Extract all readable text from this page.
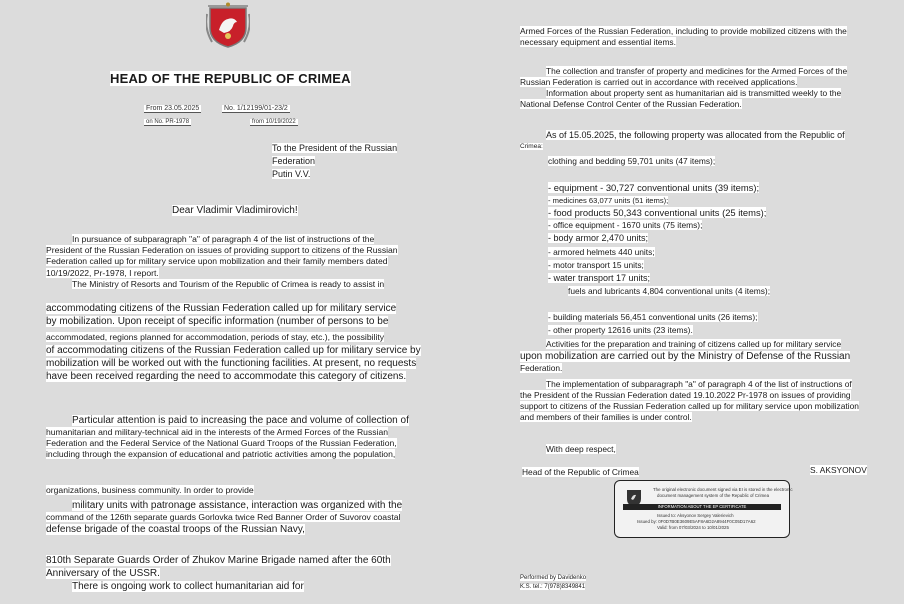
HEAD OF THE REPUBLIC OF CRIMEA
From 23.05.2025	No. 1/12199/01-23/2
on No. PR-1978	from 10/19/2022
To the President of the Russian
Federation
Putin V.V.
Dear Vladimir Vladimirovich!
In pursuance of subparagraph "a" of paragraph 4 of the list of instructions of the
President of the Russian Federation on issues of providing support to citizens of the Russian
Federation called up for military service upon mobilization and their family members dated
10/19/2022, Pr-1978, I report.
The Ministry of Resorts and Tourism of the Republic of Crimea is ready to assist in
accommodating citizens of the Russian Federation called up for military service
by mobilization. Upon receipt of specific information (number of persons to be
accommodated, regions planned for accommodation, periods of stay, etc.), the possibility
of accommodating citizens of the Russian Federation called up for military service by
mobilization will be worked out with the functioning facilities. At present, no requests
have been received regarding the need to accommodate this category of citizens.
Particular attention is paid to increasing the pace and volume of collection of
humanitarian and military-technical aid in the interests of the Armed Forces of the Russian
Federation and the Federal Service of the National Guard Troops of the Russian Federation,
including through the expansion of educational and patriotic activities among the population,
organizations, business community. In order to provide
military units with patronage assistance, interaction was organized with the
command of the 126th separate guards Gorlovka twice Red Banner Order of Suvorov coastal
defense brigade of the coastal troops of the Russian Navy,
810th Separate Guards Order of Zhukov Marine Brigade named after the 60th
Anniversary of the USSR.
There is ongoing work to collect humanitarian aid for
Armed Forces of the Russian Federation, including to provide mobilized citizens with the
necessary equipment and essential items.
The collection and transfer of property and medicines for the Armed Forces of the
Russian Federation is carried out in accordance with received applications.
Information about property sent as humanitarian aid is transmitted weekly to the
National Defense Control Center of the Russian Federation.
As of 15.05.2025, the following property was allocated from the Republic of
Crimea:
clothing and bedding 59,701 units (47 items);
- equipment - 30,727 conventional units (39 items);
- medicines 63,077 units (51 items);
- food products 50,343 conventional units (25 items);
- office equipment - 1670 units (75 items);
- body armor 2,470 units;
- armored helmets 440 units;
- motor transport 15 units;
- water transport 17 units;
fuels and lubricants 4,804 conventional units (4 items);
- building materials 56,451 conventional units (26 items);
- other property 12616 units (23 items).
Activities for the preparation and training of citizens called up for military service
upon mobilization are carried out by the Ministry of Defense of the Russian
Federation.
The implementation of subparagraph "a" of paragraph 4 of the list of instructions of
the President of the Russian Federation dated 19.10.2022 Pr-1978 on issues of providing
support to citizens of the Russian Federation called up for military service upon mobilization
and members of their families is under control.
With deep respect,
Head of the Republic of Crimea	S. AKSYONOV
Performed by Davidenko
K.S. tel.: 7(978)8349841
The original electronic document signed via EI is stored in the electronic
document management system of the Republic of Crimea
INFORMATION ABOUT THE EP CERTIFICATE
Issued to: Aksyonov Sergey Valerievich
Issued by: 0F0D7B0E3609E5AF8A6D2A8944F0C05D17A62
Valid: from 07/03/2024 to 10/01/2025
